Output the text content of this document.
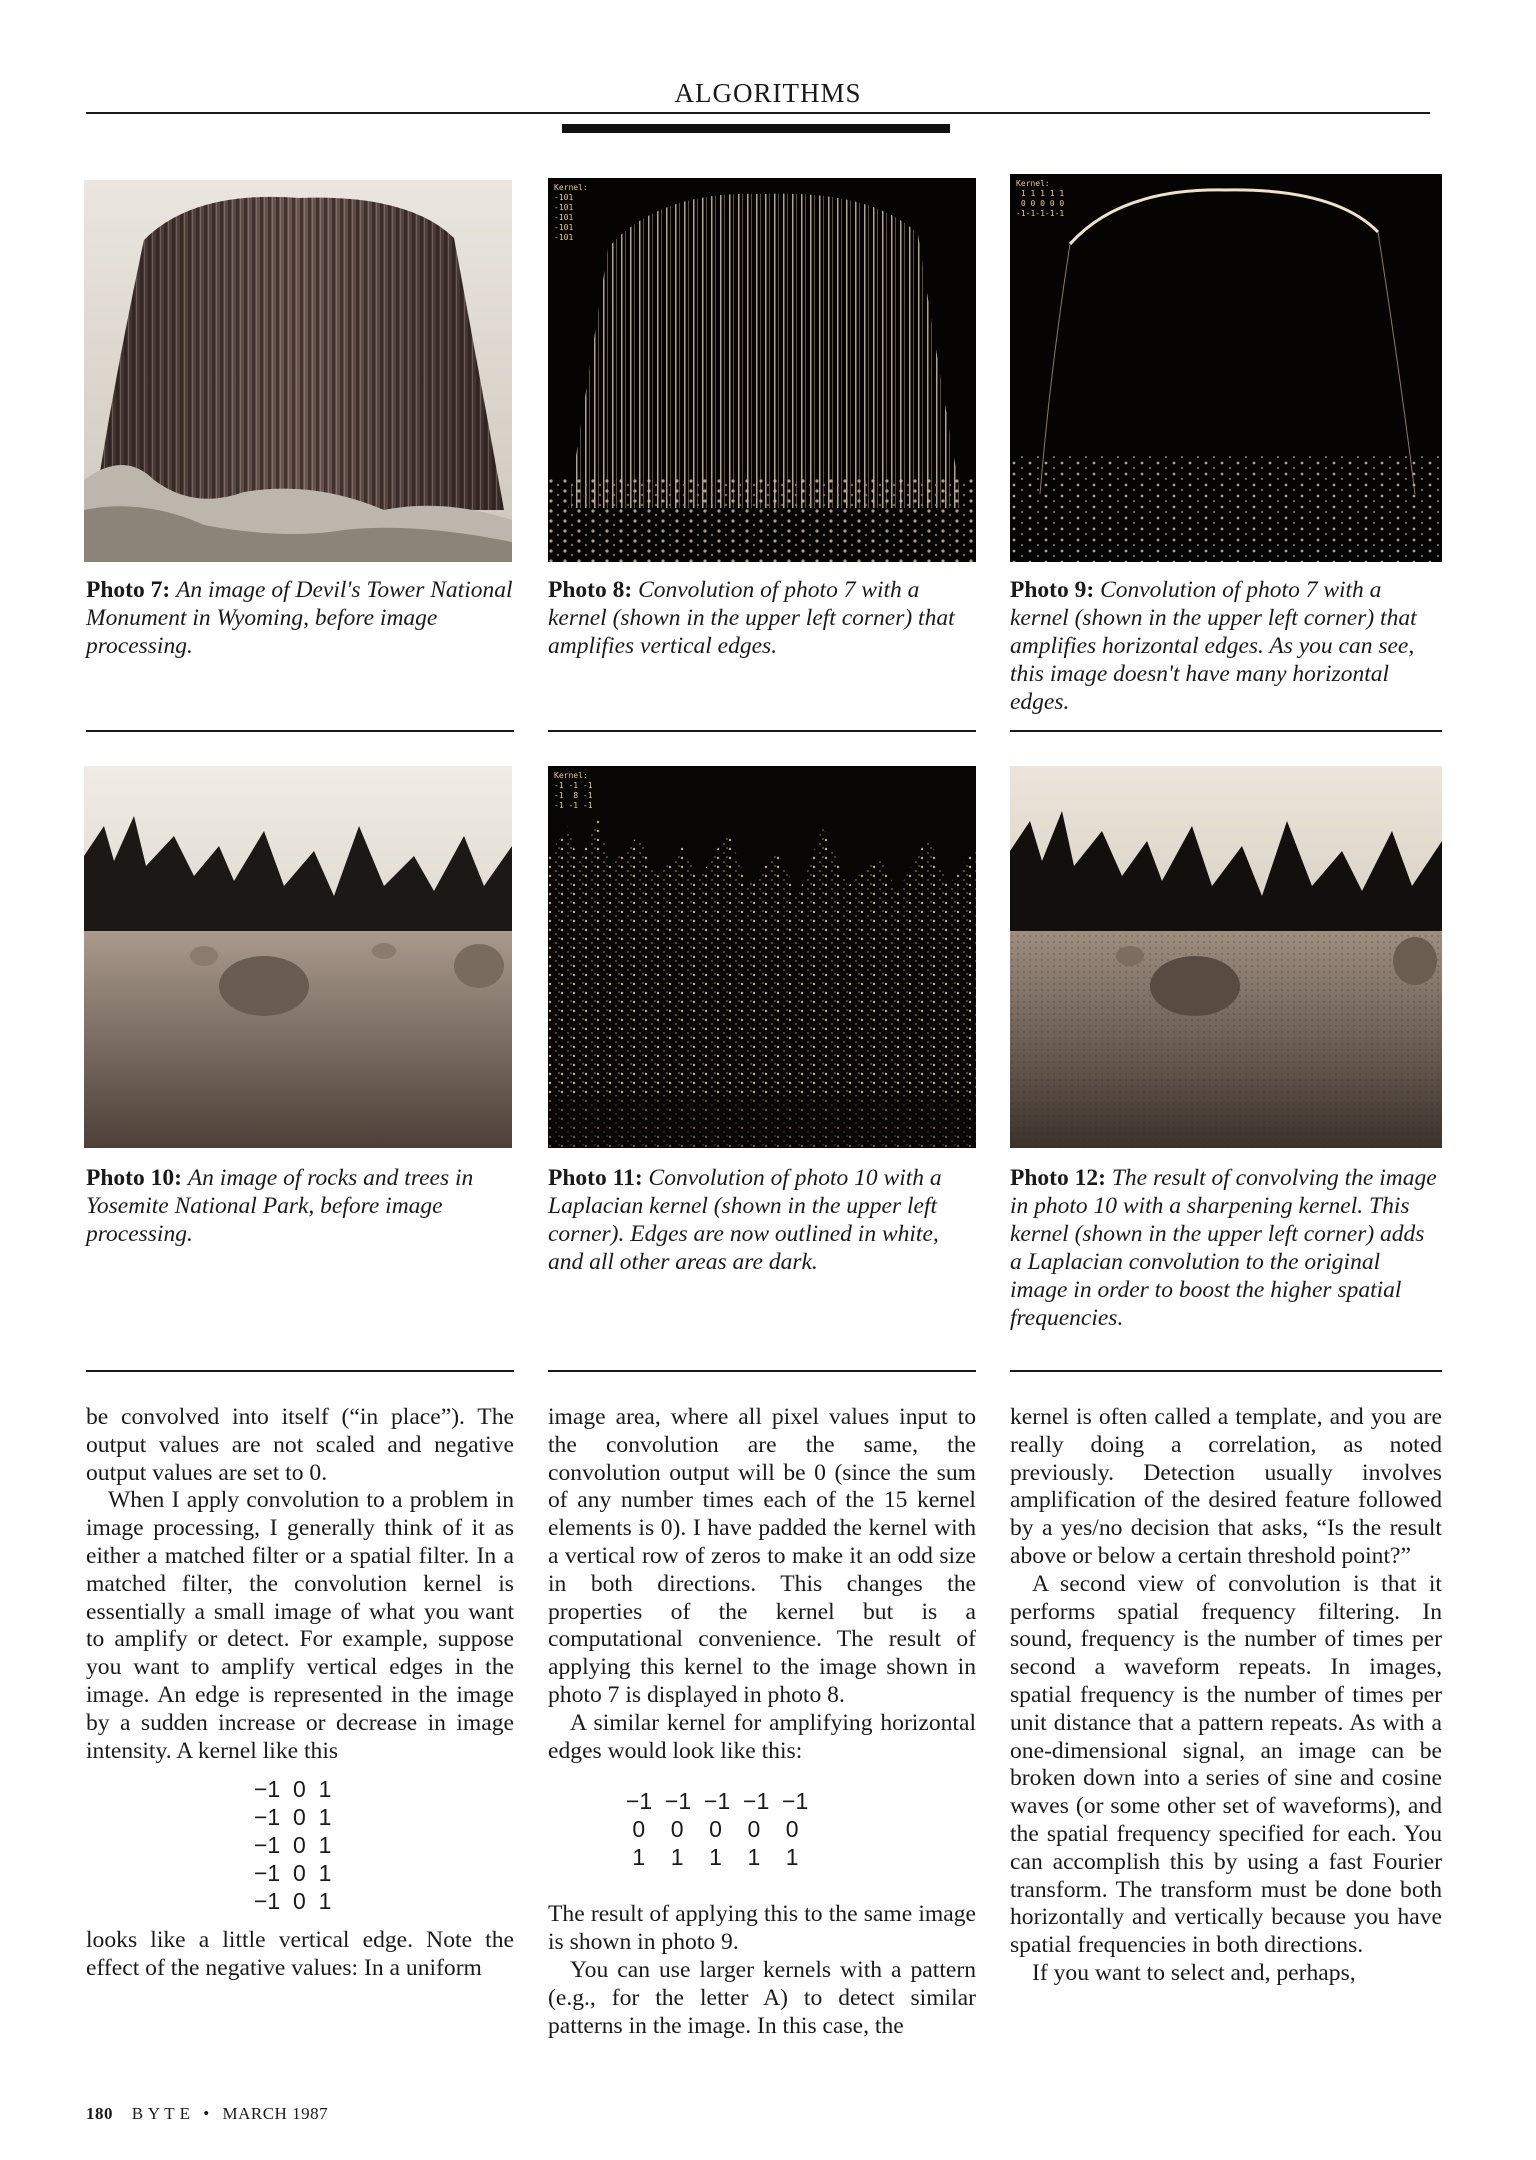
ALGORITHMS
Kernel:
-101
-101
-101
-101
-101
Kernel:
1 1 1 1 1
0 0 0 0 0
-1-1-1-1-1
Photo 7: An image of Devil's Tower National Monument in Wyoming, before image processing.
Photo 8: Convolution of photo 7 with a kernel (shown in the upper left corner) that amplifies vertical edges.
Photo 9: Convolution of photo 7 with a kernel (shown in the upper left corner) that amplifies horizontal edges. As you can see, this image doesn't have many horizontal edges.
Kernel:
-1 -1 -1
-1  8 -1
-1 -1 -1
Photo 10: An image of rocks and trees in Yosemite National Park, before image processing.
Photo 11: Convolution of photo 10 with a Laplacian kernel (shown in the upper left corner). Edges are now outlined in white, and all other areas are dark.
Photo 12: The result of convolving the image in photo 10 with a sharpening kernel. This kernel (shown in the upper left corner) adds a Laplacian convolution to the original image in order to boost the higher spatial frequencies.

be convolved into itself (“in place”). The output values are not scaled and negative output values are set to 0.

When I apply convolution to a problem in image processing, I generally think of it as either a matched filter or a spatial filter. In a matched filter, the convolution kernel is essentially a small image of what you want to amplify or detect. For example, suppose you want to amplify vertical edges in the image. An edge is represented in the image by a sudden increase or decrease in image intensity. A kernel like this

−1  0  1
−1  0  1
−1  0  1
−1  0  1
−1  0  1

looks like a little vertical edge. Note the effect of the negative values: In a uniform

image area, where all pixel values input to the convolution are the same, the convolution output will be 0 (since the sum of any number times each of the 15 kernel elements is 0). I have padded the kernel with a vertical row of zeros to make it an odd size in both directions. This changes the properties of the kernel but is a computational convenience. The result of applying this kernel to the image shown in photo 7 is displayed in photo 8.

A similar kernel for amplifying horizontal edges would look like this:

−1  −1  −1  −1  −1
0    0    0    0    0
1    1    1    1    1

The result of applying this to the same image is shown in photo 9.

You can use larger kernels with a pattern (e.g., for the letter A) to detect similar patterns in the image. In this case, the

kernel is often called a template, and you are really doing a correlation, as noted previously. Detection usually involves amplification of the desired feature followed by a yes/no decision that asks, “Is the result above or below a certain threshold point?”

A second view of convolution is that it performs spatial frequency filtering. In sound, frequency is the number of times per second a waveform repeats. In images, spatial frequency is the number of times per unit distance that a pattern repeats. As with a one-dimensional signal, an image can be broken down into a series of sine and cosine waves (or some other set of waveforms), and the spatial frequency specified for each. You can accomplish this by using a fast Fourier transform. The transform must be done both horizontally and vertically because you have spatial frequencies in both directions.

If you want to select and, perhaps,

180 B Y T E • MARCH 1987
